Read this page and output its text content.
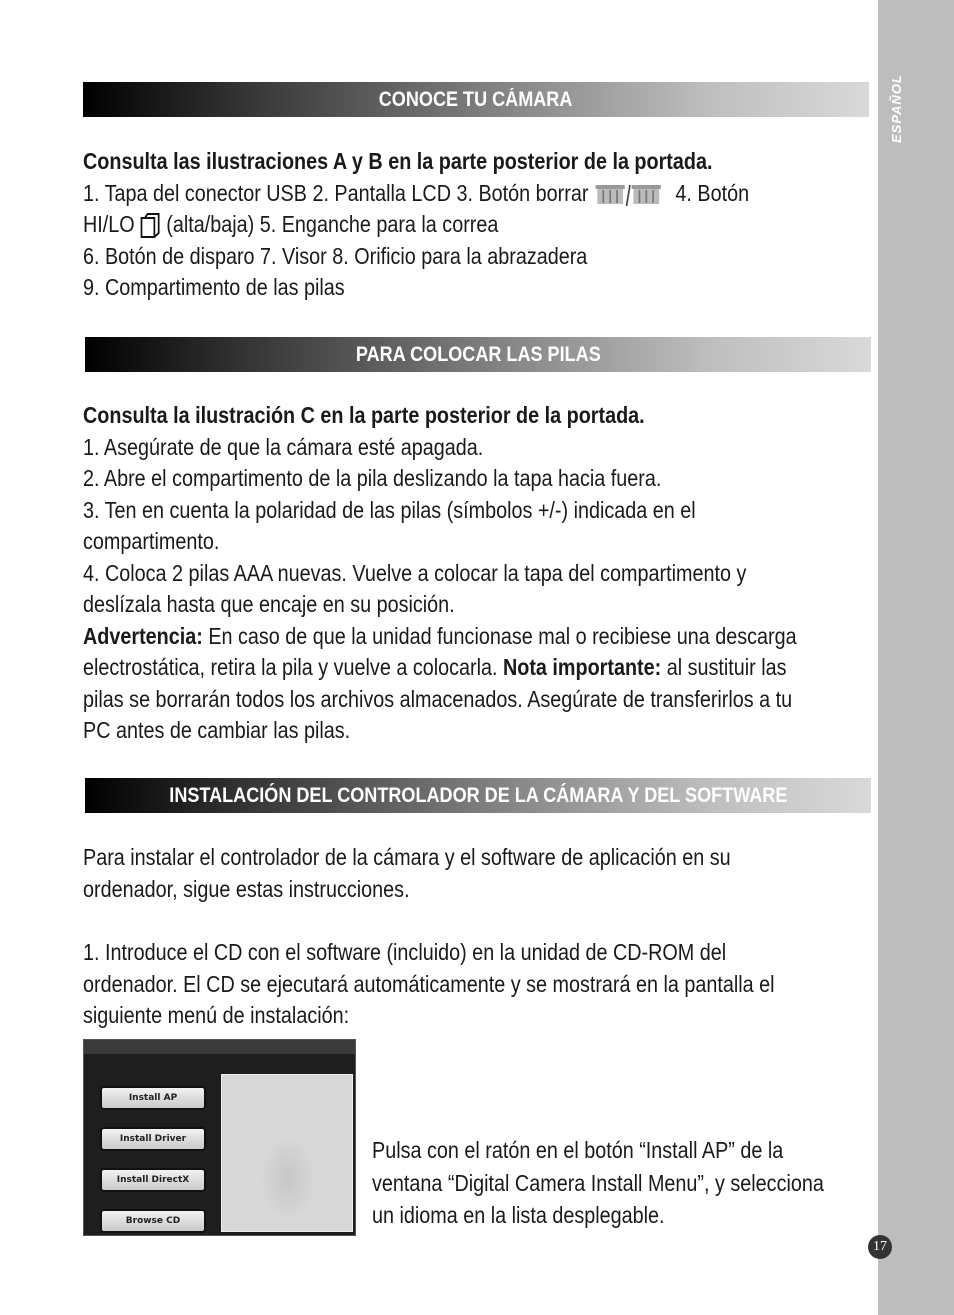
ESPAÑOL
CONOCE TU CÁMARA
Consulta las ilustraciones A y B en la parte posterior de la portada.
1. Tapa del conector USB 2. Pantalla LCD 3. Botón borrar	4. Botón
HI/LO (alta/baja) 5. Enganche para la correa
6. Botón de disparo 7. Visor 8. Orificio para la abrazadera
9. Compartimento de las pilas
PARA COLOCAR LAS PILAS
Consulta la ilustración C en la parte posterior de la portada.
1. Asegúrate de que la cámara esté apagada.
2. Abre el compartimento de la pila deslizando la tapa hacia fuera.
3. Ten en cuenta la polaridad de las pilas (símbolos +/-) indicada en el
compartimento.
4. Coloca 2 pilas AAA nuevas. Vuelve a colocar la tapa del compartimento y
deslízala hasta que encaje en su posición.
Advertencia: En caso de que la unidad funcionase mal o recibiese una descarga
electrostática, retira la pila y vuelve a colocarla. Nota importante: al sustituir las
pilas se borrarán todos los archivos almacenados. Asegúrate de transferirlos a tu
PC antes de cambiar las pilas.
INSTALACIÓN DEL CONTROLADOR DE LA CÁMARA Y DEL SOFTWARE
Para instalar el controlador de la cámara y el software de aplicación en su
ordenador, sigue estas instrucciones.
1. Introduce el CD con el software (incluido) en la unidad de CD-ROM del
ordenador. El CD se ejecutará automáticamente y se mostrará en la pantalla el
siguiente menú de instalación:
Install AP
Install Driver
Install DirectX
Browse CD
Pulsa con el ratón en el botón “Install AP” de la
ventana “Digital Camera Install Menu”, y selecciona
un idioma en la lista desplegable.
17
